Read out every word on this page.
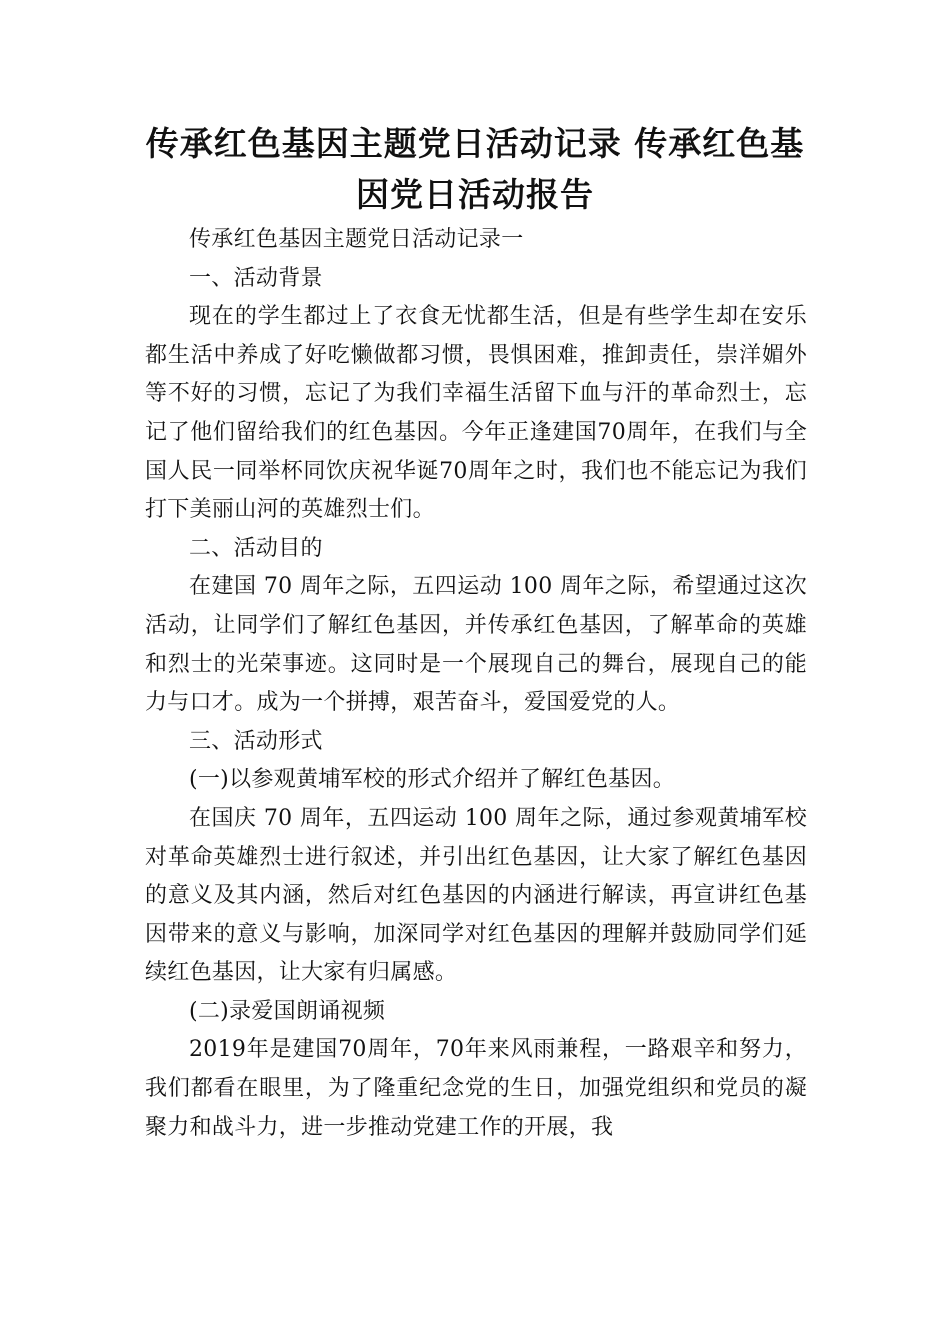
传承红色基因主题党日活动记录 传承红色基因党日活动报告

传承红色基因主题党日活动记录一

一、活动背景

现在的学生都过上了衣食无忧都生活，但是有些学生却在安乐都生活中养成了好吃懒做都习惯，畏惧困难，推卸责任，崇洋媚外等不好的习惯，忘记了为我们幸福生活留下血与汗的革命烈士，忘记了他们留给我们的红色基因。今年正逢建国70周年，在我们与全国人民一同举杯同饮庆祝华诞70周年之时，我们也不能忘记为我们打下美丽山河的英雄烈士们。

二、活动目的

在建国 70 周年之际，五四运动 100 周年之际，希望通过这次活动，让同学们了解红色基因，并传承红色基因，了解革命的英雄和烈士的光荣事迹。这同时是一个展现自己的舞台，展现自己的能力与口才。成为一个拼搏，艰苦奋斗，爱国爱党的人。

三、活动形式

(一)以参观黄埔军校的形式介绍并了解红色基因。

在国庆 70 周年，五四运动 100 周年之际，通过参观黄埔军校对革命英雄烈士进行叙述，并引出红色基因，让大家了解红色基因的意义及其内涵，然后对红色基因的内涵进行解读，再宣讲红色基因带来的意义与影响，加深同学对红色基因的理解并鼓励同学们延续红色基因，让大家有归属感。

(二)录爱国朗诵视频

2019年是建国70周年，70年来风雨兼程，一路艰辛和努力，我们都看在眼里，为了隆重纪念党的生日，加强党组织和党员的凝聚力和战斗力，进一步推动党建工作的开展，我
